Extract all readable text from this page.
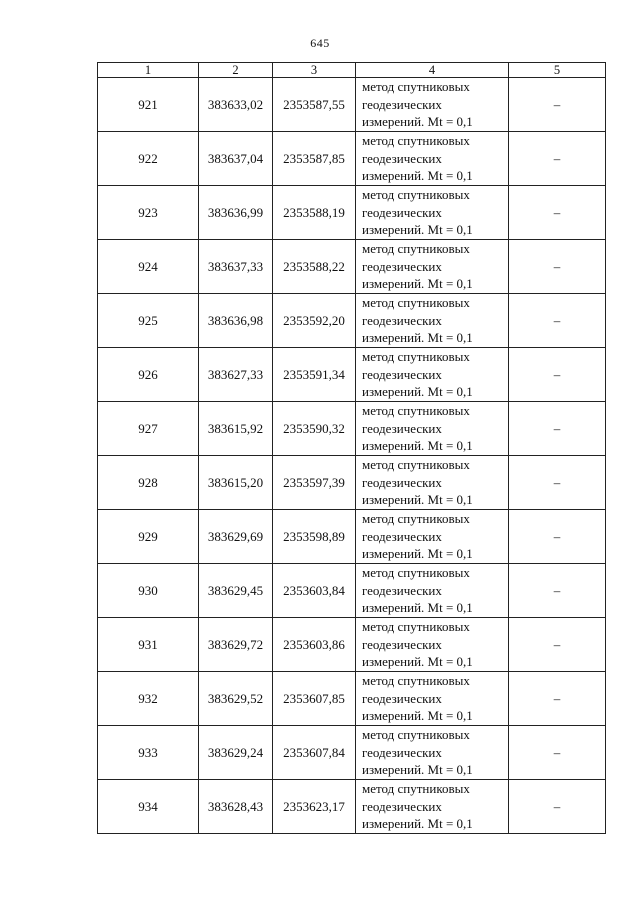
645
1	2	3	4	5
921	383633,02	2353587,55	метод спутниковых
геодезических
измерений. Mt = 0,1	–
922	383637,04	2353587,85	метод спутниковых
геодезических
измерений. Mt = 0,1	–
923	383636,99	2353588,19	метод спутниковых
геодезических
измерений. Mt = 0,1	–
924	383637,33	2353588,22	метод спутниковых
геодезических
измерений. Mt = 0,1	–
925	383636,98	2353592,20	метод спутниковых
геодезических
измерений. Mt = 0,1	–
926	383627,33	2353591,34	метод спутниковых
геодезических
измерений. Mt = 0,1	–
927	383615,92	2353590,32	метод спутниковых
геодезических
измерений. Mt = 0,1	–
928	383615,20	2353597,39	метод спутниковых
геодезических
измерений. Mt = 0,1	–
929	383629,69	2353598,89	метод спутниковых
геодезических
измерений. Mt = 0,1	–
930	383629,45	2353603,84	метод спутниковых
геодезических
измерений. Mt = 0,1	–
931	383629,72	2353603,86	метод спутниковых
геодезических
измерений. Mt = 0,1	–
932	383629,52	2353607,85	метод спутниковых
геодезических
измерений. Mt = 0,1	–
933	383629,24	2353607,84	метод спутниковых
геодезических
измерений. Mt = 0,1	–
934	383628,43	2353623,17	метод спутниковых
геодезических
измерений. Mt = 0,1	–
